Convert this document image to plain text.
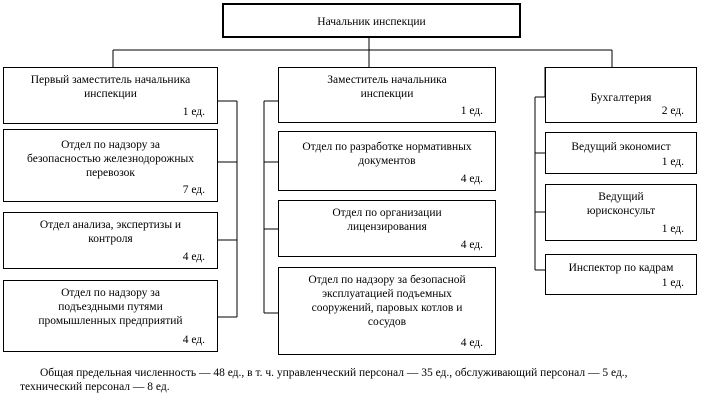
Начальник инспекции
Первый заместитель начальника
инспекции
1 ед.
Отдел по надзору за
безопасностью железнодорожных
перевозок
7 ед.
Отдел анализа, экспертизы и
контроля
4 ед.
Отдел по надзору за
подъездными путями
промышленных предприятий
4 ед.
Заместитель начальника
инспекции
1 ед.
Отдел по разработке нормативных
документов
4 ед.
Отдел по организации
лицензирования
4 ед.
Отдел по надзору за безопасной
эксплуатацией подъемных
сооружений, паровых котлов и
сосудов
4 ед.
Бухгалтерия
2 ед.
Ведущий экономист
1 ед.
Ведущий
юрисконсульт
1 ед.
Инспектор по кадрам
1 ед.
Общая предельная численность — 48 ед., в т. ч. управленческий персонал — 35 ед., обслуживающий персонал — 5 ед., технический персонал — 8 ед.
